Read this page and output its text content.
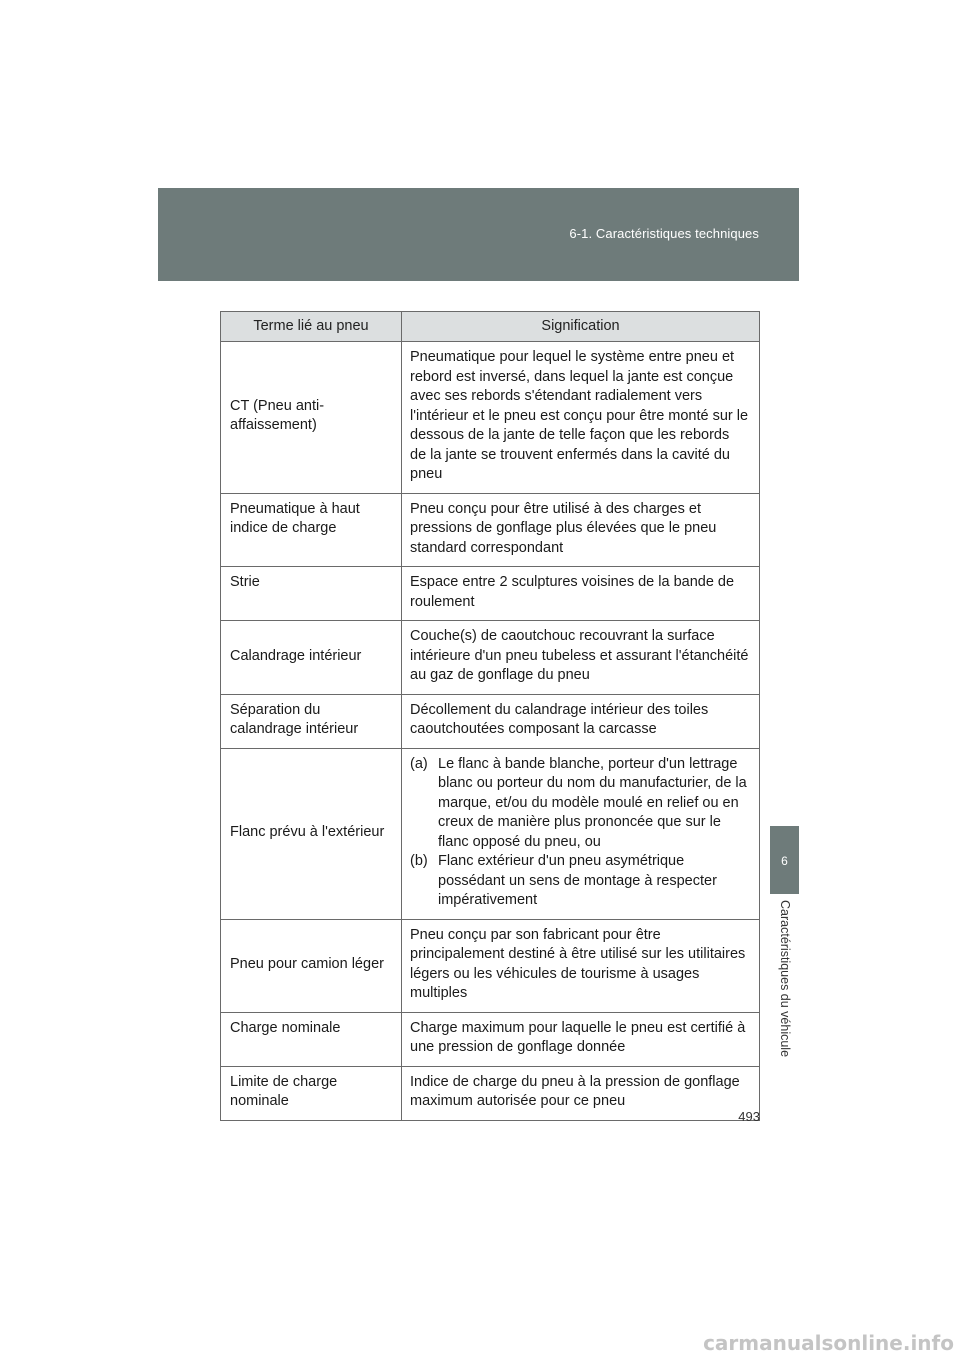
6-1. Caractéristiques techniques
6
Caractéristiques du véhicule
Terme lié au pneu	Signification
CT (Pneu anti-affaissement)	Pneumatique pour lequel le système entre pneu et rebord est inversé, dans lequel la jante est conçue avec ses rebords s'étendant radialement vers l'intérieur et le pneu est conçu pour être monté sur le dessous de la jante de telle façon que les rebords de la jante se trouvent enfermés dans la cavité du pneu
Pneumatique à haut indice de charge	Pneu conçu pour être utilisé à des charges et pressions de gonflage plus élevées que le pneu standard correspondant
Strie	Espace entre 2 sculptures voisines de la bande de roulement
Calandrage intérieur	Couche(s) de caoutchouc recouvrant la surface intérieure d'un pneu tubeless et assurant l'étanchéité au gaz de gonflage du pneu
Séparation du calandrage intérieur	Décollement du calandrage intérieur des toiles caoutchoutées composant la carcasse
Flanc prévu à l'extérieur	(a) Le flanc à bande blanche, porteur d'un lettrage blanc ou porteur du nom du manufacturier, de la marque, et/ou du modèle moulé en relief ou en creux de manière plus prononcée que sur le flanc opposé du pneu, ou
(b) Flanc extérieur d'un pneu asymétrique possédant un sens de montage à respecter impérativement

Pneu pour camion léger	Pneu conçu par son fabricant pour être principalement destiné à être utilisé sur les utilitaires légers ou les véhicules de tourisme à usages multiples
Charge nominale	Charge maximum pour laquelle le pneu est certifié à une pression de gonflage donnée
Limite de charge nominale	Indice de charge du pneu à la pression de gonflage maximum autorisée pour ce pneu
493
carmanualsonline.info
